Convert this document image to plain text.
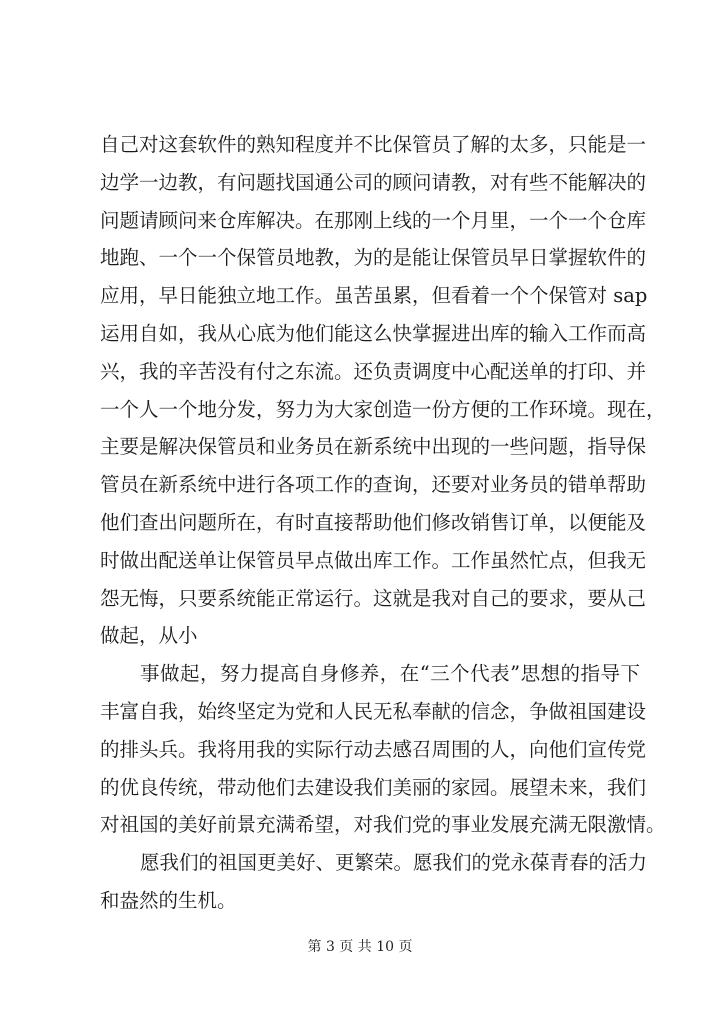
自己对这套软件的熟知程度并不比保管员了解的太多，只能是一
边学一边教，有问题找国通公司的顾问请教，对有些不能解决的
问题请顾问来仓库解决。在那刚上线的一个月里，一个一个仓库
地跑、一个一个保管员地教，为的是能让保管员早日掌握软件的
应用，早日能独立地工作。虽苦虽累，但看着一个个保管对 sap
运用自如，我从心底为他们能这么快掌握进出库的输入工作而高
兴，我的辛苦没有付之东流。还负责调度中心配送单的打印、并
一个人一个地分发，努力为大家创造一份方便的工作环境。现在，
主要是解决保管员和业务员在新系统中出现的一些问题，指导保
管员在新系统中进行各项工作的查询，还要对业务员的错单帮助
他们查出问题所在，有时直接帮助他们修改销售订单，以便能及
时做出配送单让保管员早点做出库工作。工作虽然忙点，但我无
怨无悔，只要系统能正常运行。这就是我对自己的要求，要从己
做起，从小
事做起，努力提高自身修养，在“三个代表”思想的指导下
丰富自我，始终坚定为党和人民无私奉献的信念，争做祖国建设
的排头兵。我将用我的实际行动去感召周围的人，向他们宣传党
的优良传统，带动他们去建设我们美丽的家园。展望未来，我们
对祖国的美好前景充满希望，对我们党的事业发展充满无限激情。
愿我们的祖国更美好、更繁荣。愿我们的党永葆青春的活力
和盎然的生机。
第 3 页 共 10 页
